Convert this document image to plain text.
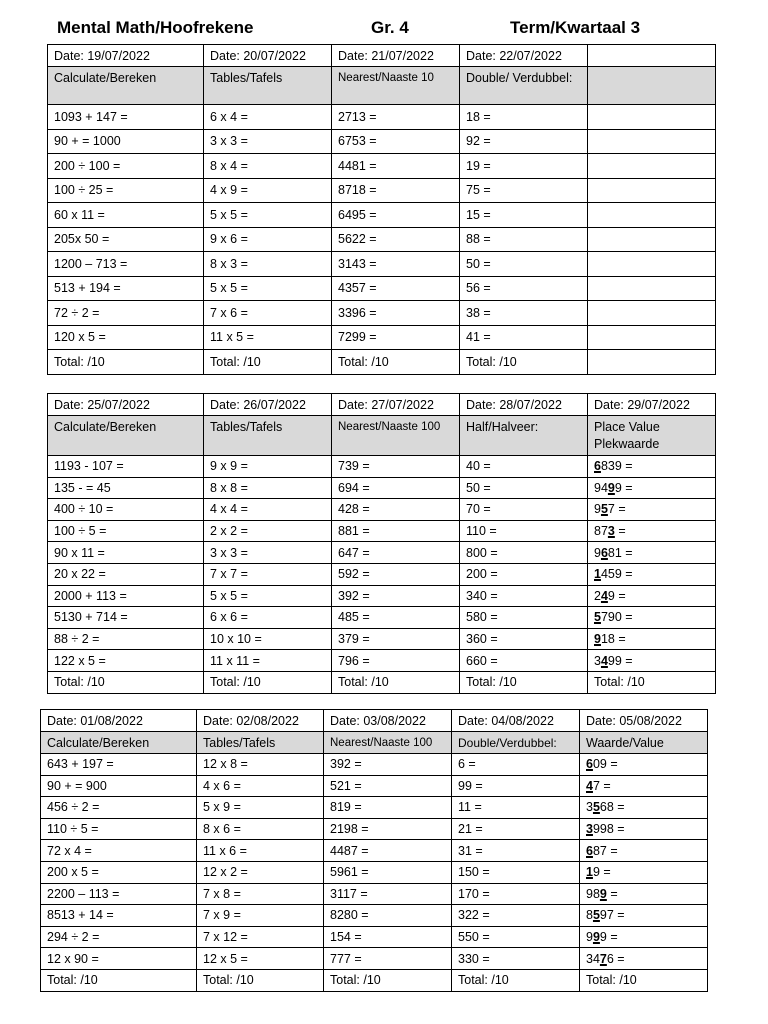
Mental Math/Hoofrekene	Gr. 4	Term/Kwartaal 3
Date: 19/07/2022	Date: 20/07/2022	Date: 21/07/2022	Date: 22/07/2022	
Calculate/Bereken	Tables/Tafels	Nearest/Naaste 10	Double/ Verdubbel:	
1093 + 147 =	6 x 4 =	2713 =	18 =	
90 + = 1000	3 x 3 =	6753 =	92 =	
200 ÷ 100 =	8 x 4 =	4481 =	19 =	
100 ÷ 25 =	4 x 9 =	8718 =	75 =	
60 x 11 =	5 x 5 =	6495 =	15 =	
205x 50 =	9 x 6 =	5622 =	88 =	
1200 – 713 =	8 x 3 =	3143 =	50 =	
513 + 194 =	5 x 5 =	4357 =	56 =	
72 ÷ 2 =	7 x 6 =	3396 =	38 =	
120 x 5 =	11 x 5 =	7299 =	41 =	
Total: /10	Total: /10	Total: /10	Total: /10	
Date: 25/07/2022	Date: 26/07/2022	Date: 27/07/2022	Date: 28/07/2022	Date: 29/07/2022
Calculate/Bereken	Tables/Tafels	Nearest/Naaste 100	Half/Halveer:	Place Value Plekwaarde
1193 - 107 =	9 x 9 =	739 =	40 =	6839 =
135 - = 45	8 x 8 =	694 =	50 =	9499 =
400 ÷ 10 =	4 x 4 =	428 =	70 =	957 =
100 ÷ 5 =	2 x 2 =	881 =	110 =	873 =
90 x 11 =	3 x 3 =	647 =	800 =	9681 =
20 x 22 =	7 x 7 =	592 =	200 =	1459 =
2000 + 113 =	5 x 5 =	392 =	340 =	249 =
5130 + 714 =	6 x 6 =	485 =	580 =	5790 =
88 ÷ 2 =	10 x 10 =	379 =	360 =	918 =
122 x 5 =	11 x 11 =	796 =	660 =	3499 =
Total: /10	Total: /10	Total: /10	Total: /10	Total: /10
Date: 01/08/2022	Date: 02/08/2022	Date: 03/08/2022	Date: 04/08/2022	Date: 05/08/2022
Calculate/Bereken	Tables/Tafels	Nearest/Naaste 100	Double/Verdubbel:	Waarde/Value
643 + 197 =	12 x 8 =	392 =	6 =	609 =
90 + = 900	4 x 6 =	521 =	99 =	47 =
456 ÷ 2 =	5 x 9 =	819 =	11 =	3568 =
110 ÷ 5 =	8 x 6 =	2198 =	21 =	3998 =
72 x 4 =	11 x 6 =	4487 =	31 =	687 =
200 x 5 =	12 x 2 =	5961 =	150 =	19 =
2200 – 113 =	7 x 8 =	3117 =	170 =	989 =
8513 + 14 =	7 x 9 =	8280 =	322 =	8597 =
294 ÷ 2 =	7 x 12 =	154 =	550 =	999 =
12 x 90 =	12 x 5 =	777 =	330 =	3476 =
Total: /10	Total: /10	Total: /10	Total: /10	Total: /10
